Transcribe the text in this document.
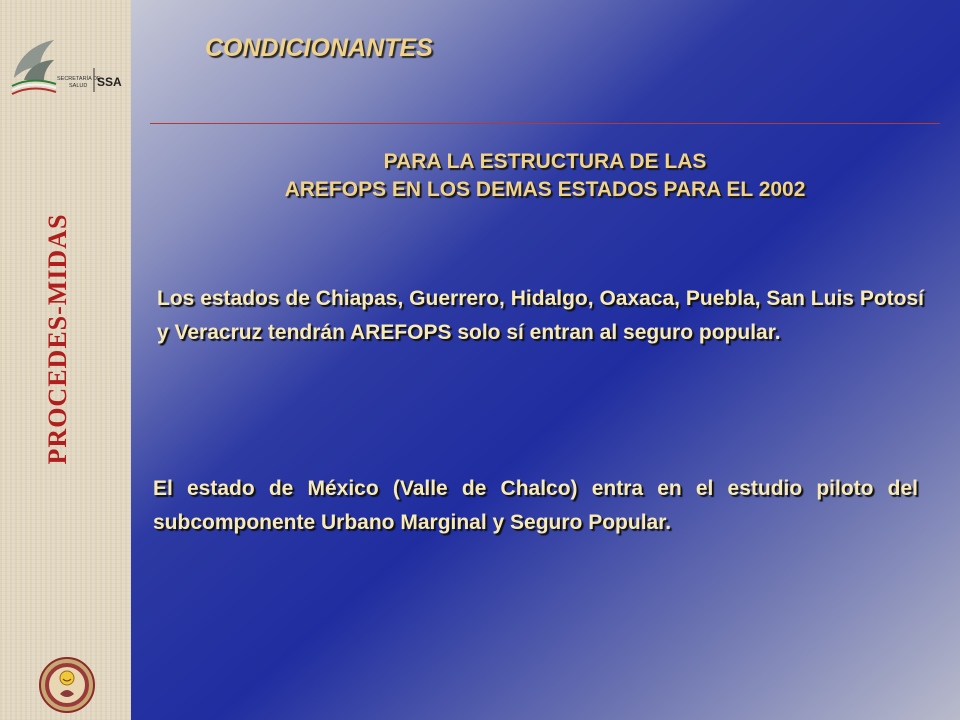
SECRETARÍA DE
SALUD SSA
PROCEDES-MIDAS
CONDICIONANTES
PARA LA ESTRUCTURA DE LAS
AREFOPS EN LOS DEMAS ESTADOS PARA EL 2002
Los estados de Chiapas, Guerrero, Hidalgo, Oaxaca, Puebla, San Luis Potosí y Veracruz tendrán AREFOPS solo sí entran al seguro popular.
El estado de México (Valle de Chalco) entra en el estudio piloto del subcomponente Urbano Marginal y Seguro Popular.
